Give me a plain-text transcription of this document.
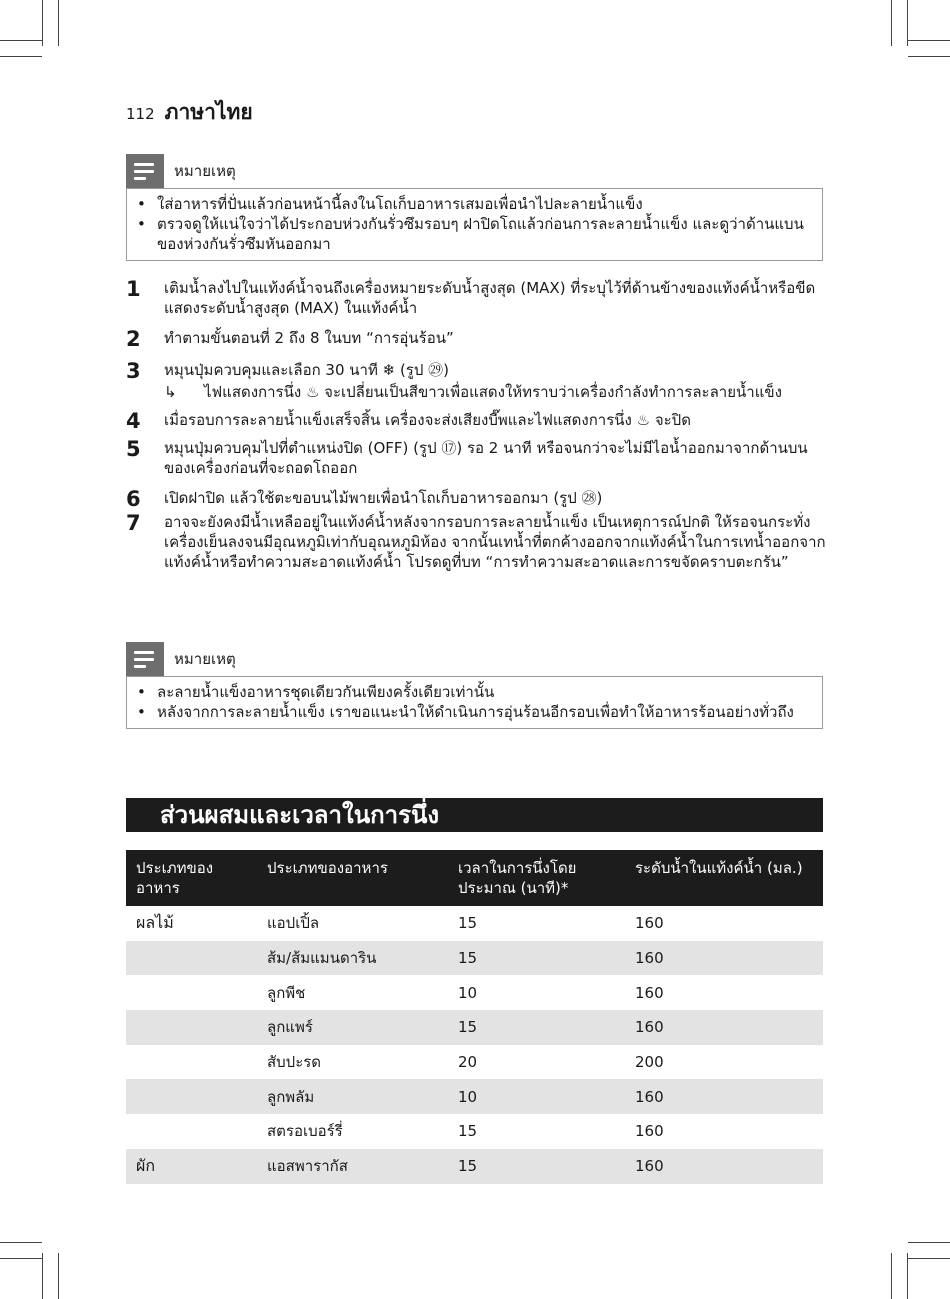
112 ภาษาไทย
หมายเหตุ
• ใส่อาหารที่ปั่นแล้วก่อนหน้านี้ลงในโถเก็บอาหารเสมอเพื่อนำไปละลายน้ำแข็ง
• ตรวจดูให้แน่ใจว่าได้ประกอบห่วงกันรั่วซึมรอบๆ ฝาปิดโถแล้วก่อนการละลายน้ำแข็ง และดูว่าด้านแบนของห่วงกันรั่วซึมหันออกมา
1	เติมน้ำลงไปในแท้งค์น้ำจนถึงเครื่องหมายระดับน้ำสูงสุด (MAX) ที่ระบุไว้ที่ด้านข้างของแท้งค์น้ำหรือขีดแสดงระดับน้ำสูงสุด (MAX) ในแท้งค์น้ำ
2	ทำตามขั้นตอนที่ 2 ถึง 8 ในบท “การอุ่นร้อน”
3	หมุนปุ่มควบคุมและเลือก 30 นาที ❄ (รูป ㉙)
↳	ไฟแสดงการนึ่ง ♨ จะเปลี่ยนเป็นสีขาวเพื่อแสดงให้ทราบว่าเครื่องกำลังทำการละลายน้ำแข็ง
4	เมื่อรอบการละลายน้ำแข็งเสร็จสิ้น เครื่องจะส่งเสียงบี๊พและไฟแสดงการนึ่ง ♨ จะปิด
5	หมุนปุ่มควบคุมไปที่ตำแหน่งปิด (OFF) (รูป ⑰) รอ 2 นาที หรือจนกว่าจะไม่มีไอน้ำออกมาจากด้านบนของเครื่องก่อนที่จะถอดโถออก
6	เปิดฝาปิด แล้วใช้ตะขอบนไม้พายเพื่อนำโถเก็บอาหารออกมา (รูป ㉘)
7	อาจจะยังคงมีน้ำเหลืออยู่ในแท้งค์น้ำหลังจากรอบการละลายน้ำแข็ง เป็นเหตุการณ์ปกติ ให้รอจนกระทั่งเครื่องเย็นลงจนมีอุณหภูมิเท่ากับอุณหภูมิห้อง จากนั้นเทน้ำที่ตกค้างออกจากแท้งค์น้ำในการเทน้ำออกจากแท้งค์น้ำหรือทำความสะอาดแท้งค์น้ำ โปรดดูที่บท “การทำความสะอาดและการขจัดคราบตะกรัน”
หมายเหตุ
• ละลายน้ำแข็งอาหารชุดเดียวกันเพียงครั้งเดียวเท่านั้น
• หลังจากการละลายน้ำแข็ง เราขอแนะนำให้ดำเนินการอุ่นร้อนอีกรอบเพื่อทำให้อาหารร้อนอย่างทั่วถึง
ส่วนผสมและเวลาในการนึ่ง
ประเภทของอาหาร	ประเภทของอาหาร	เวลาในการนึ่งโดยประมาณ (นาที)*	ระดับน้ำในแท้งค์น้ำ (มล.)
ผลไม้	แอปเปิ้ล	15	160
	ส้ม/ส้มแมนดาริน	15	160
	ลูกพีช	10	160
	ลูกแพร์	15	160
	สับปะรด	20	200
	ลูกพลัม	10	160
	สตรอเบอร์รี่	15	160
ผัก	แอสพารากัส	15	160
